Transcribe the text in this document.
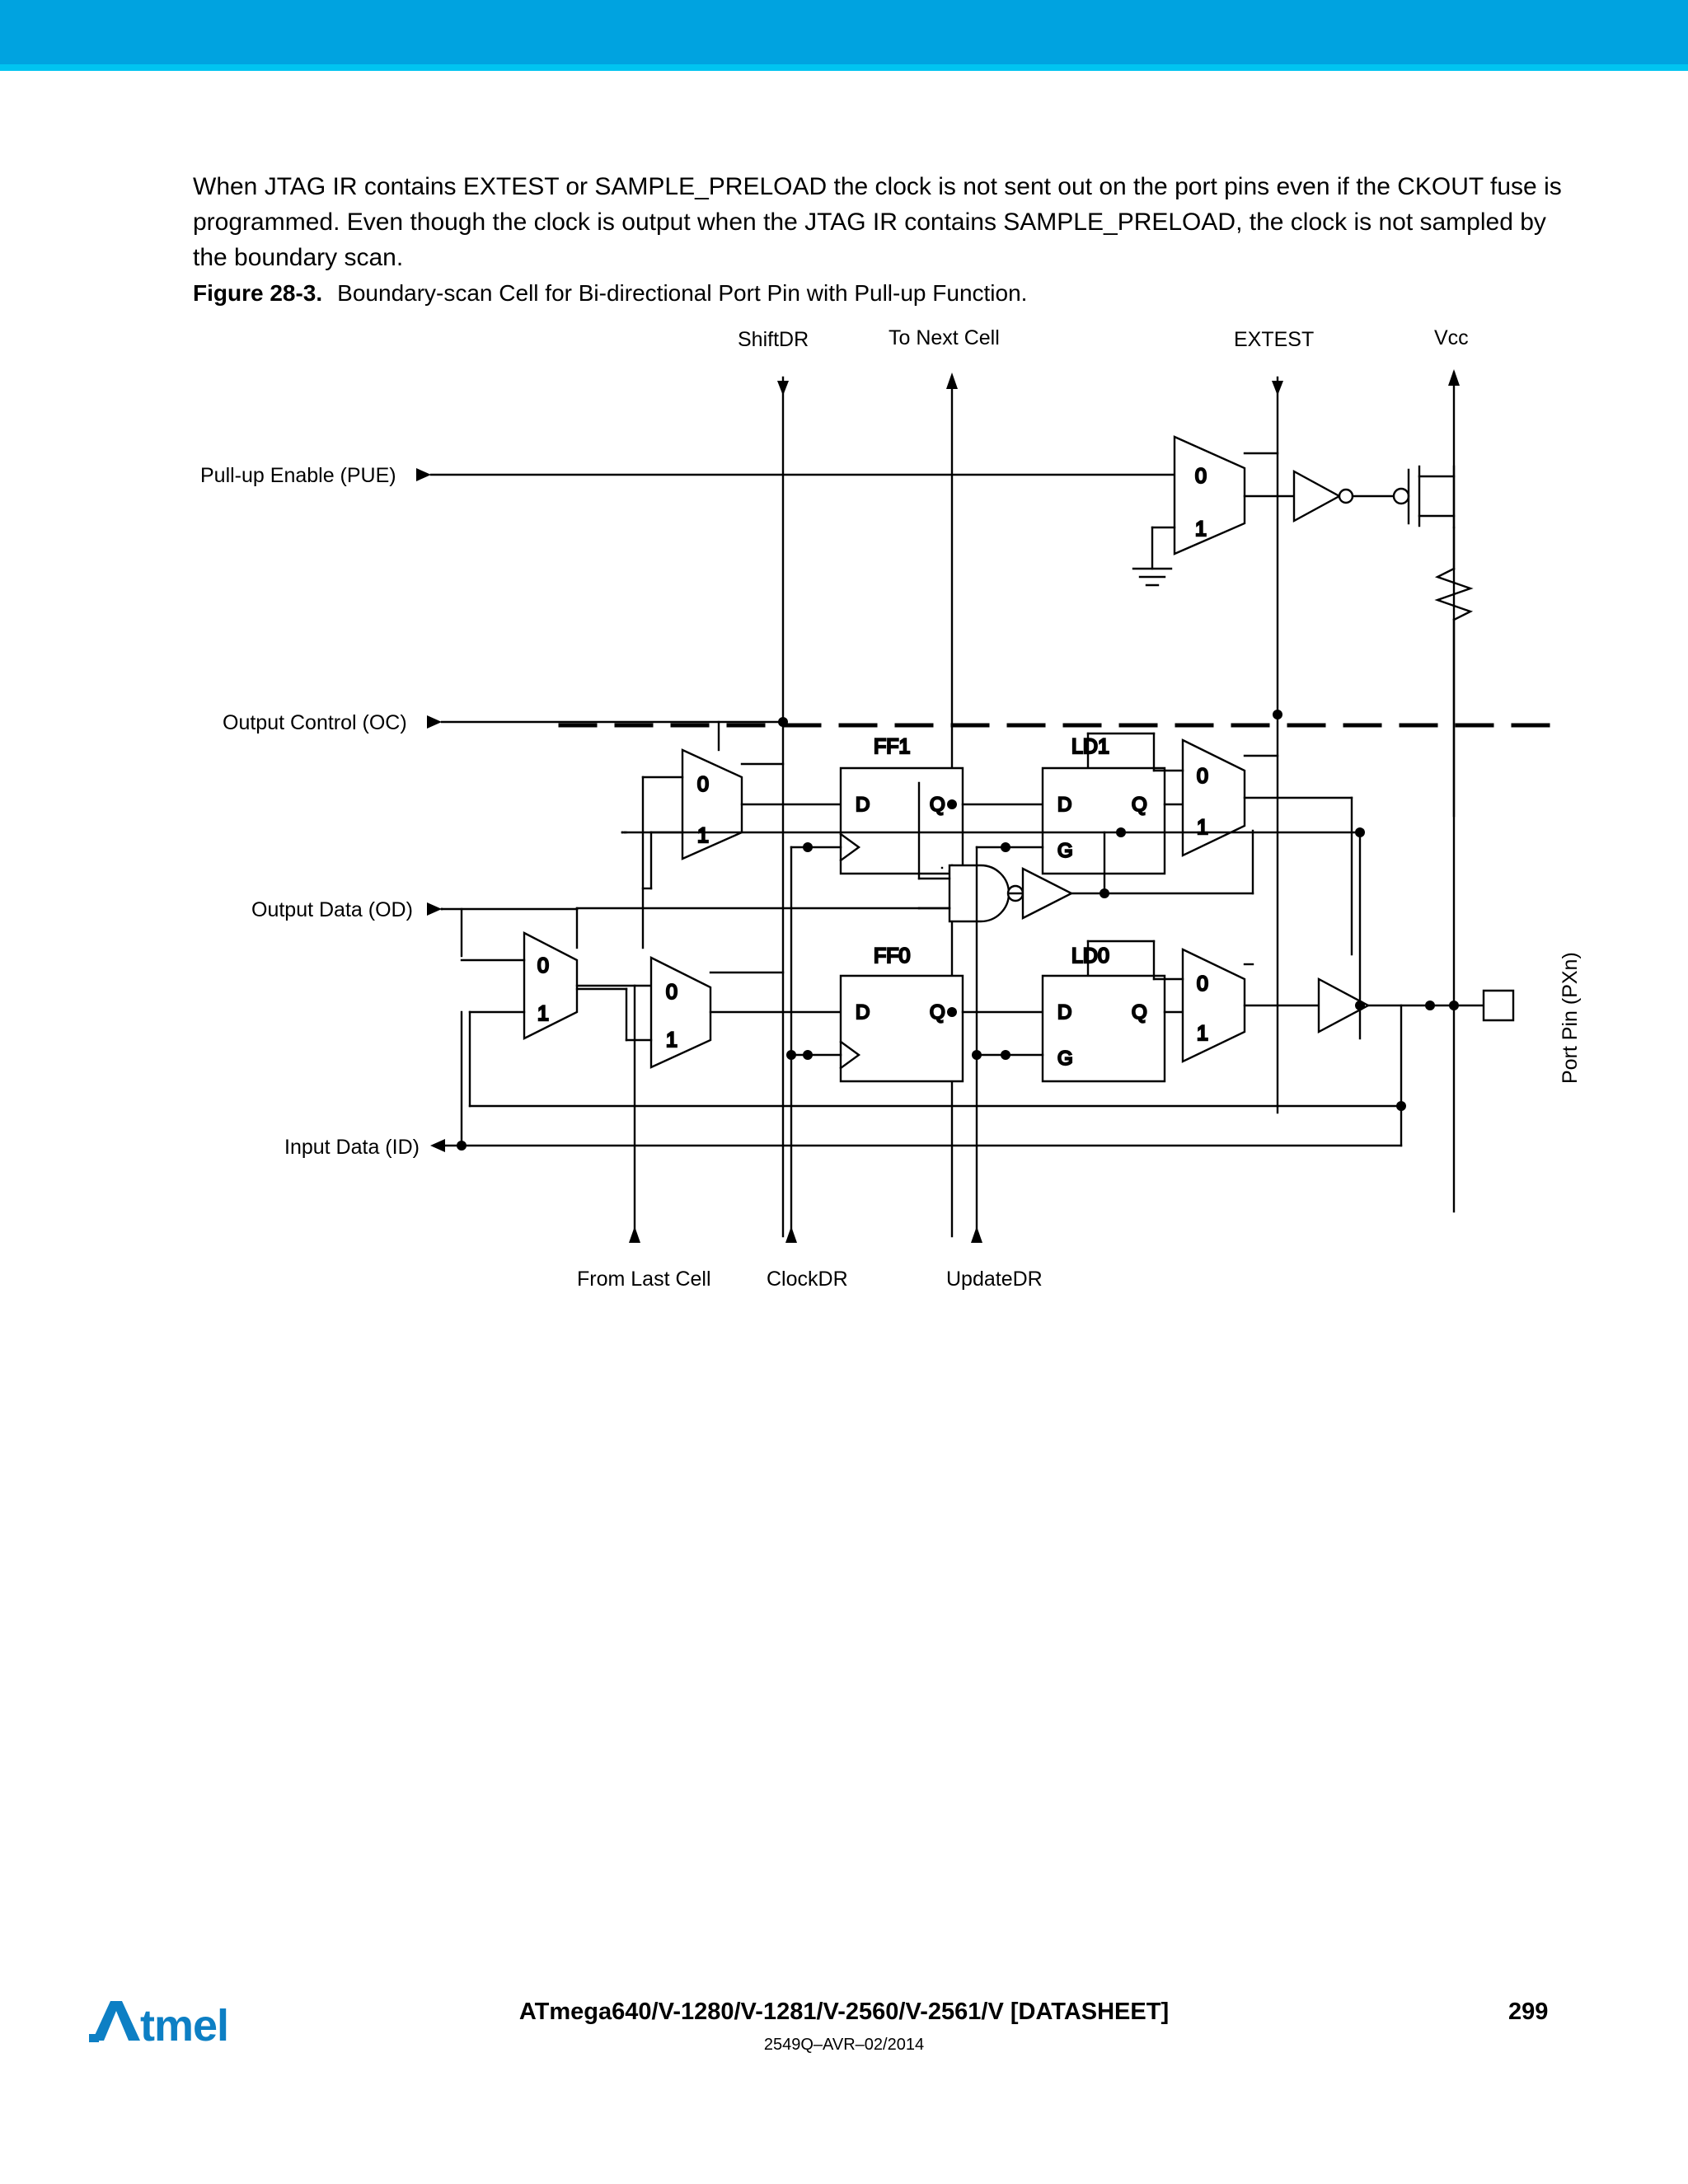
When JTAG IR contains EXTEST or SAMPLE_PRELOAD the clock is not sent out on the port pins even if the CKOUT fuse is programmed. Even though the clock is output when the JTAG IR contains SAMPLE_PRELOAD, the clock is not sampled by the boundary scan.

Figure 28-3. Boundary-scan Cell for Bi-directional Port Pin with Pull-up Function.
0
1
0
1
D	Q
FF1
D	Q
G
LD1
0
1
0
1
0
1
D	Q
FF0
D	Q
G
LD0
0
1
ShiftDR	To Next Cell	EXTEST	Vcc
Pull-up Enable (PUE)
Output Control (OC)
Output Data (OD)
Input Data (ID)
From Last Cell	ClockDR	UpdateDR
Port Pin (PXn)
tmel	ATmega640/V-1280/V-1281/V-2560/V-2561/V [DATASHEET]
2549Q–AVR–02/2014
299
